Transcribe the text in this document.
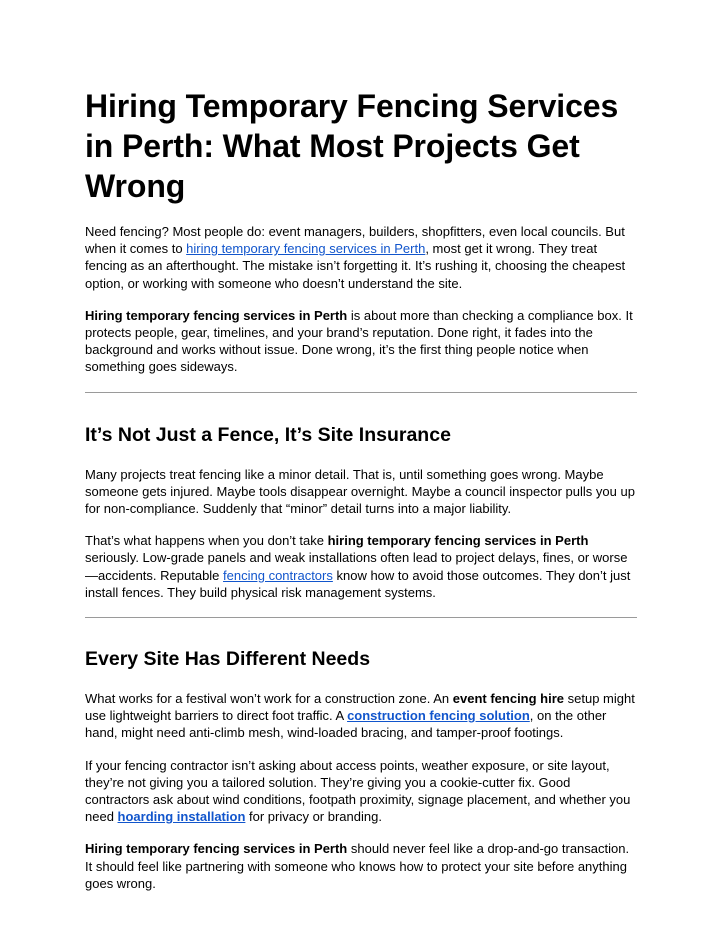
Hiring Temporary Fencing Services in Perth: What Most Projects Get Wrong

Need fencing? Most people do: event managers, builders, shopfitters, even local councils. But when it comes to hiring temporary fencing services in Perth, most get it wrong. They treat fencing as an afterthought. The mistake isn’t forgetting it. It’s rushing it, choosing the cheapest option, or working with someone who doesn’t understand the site.

Hiring temporary fencing services in Perth is about more than checking a compliance box. It protects people, gear, timelines, and your brand’s reputation. Done right, it fades into the background and works without issue. Done wrong, it’s the first thing people notice when something goes sideways.

It’s Not Just a Fence, It’s Site Insurance

Many projects treat fencing like a minor detail. That is, until something goes wrong. Maybe someone gets injured. Maybe tools disappear overnight. Maybe a council inspector pulls you up for non-compliance. Suddenly that “minor” detail turns into a major liability.

That’s what happens when you don’t take hiring temporary fencing services in Perth seriously. Low-grade panels and weak installations often lead to project delays, fines, or worse—accidents. Reputable fencing contractors know how to avoid those outcomes. They don’t just install fences. They build physical risk management systems.

Every Site Has Different Needs

What works for a festival won’t work for a construction zone. An event fencing hire setup might use lightweight barriers to direct foot traffic. A construction fencing solution, on the other hand, might need anti-climb mesh, wind-loaded bracing, and tamper-proof footings.

If your fencing contractor isn’t asking about access points, weather exposure, or site layout, they’re not giving you a tailored solution. They’re giving you a cookie-cutter fix. Good contractors ask about wind conditions, footpath proximity, signage placement, and whether you need hoarding installation for privacy or branding.

Hiring temporary fencing services in Perth should never feel like a drop-and-go transaction. It should feel like partnering with someone who knows how to protect your site before anything goes wrong.
